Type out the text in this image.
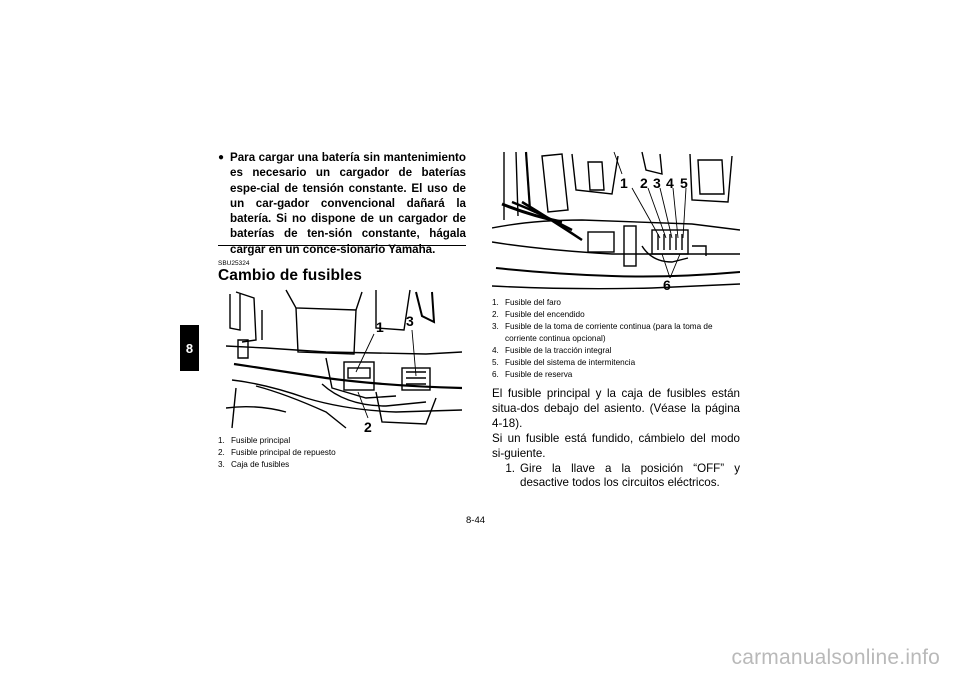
8
● Para cargar una batería sin mantenimiento es necesario un cargador de baterías espe-cial de tensión constante. El uso de un car-gador convencional dañará la batería. Si no dispone de un cargador de baterías de ten-sión constante, hágala cargar en un conce-sionario Yamaha.
SBU25324
Cambio de fusibles
1 3
2
1. Fusible principal
2. Fusible principal de repuesto
3. Caja de fusibles
1 2 3 4 5
6
1. Fusible del faro
2. Fusible del encendido
3. Fusible de la toma de corriente continua (para la toma de corriente continua opcional)
4. Fusible de la tracción integral
5. Fusible del sistema de intermitencia
6. Fusible de reserva
El fusible principal y la caja de fusibles están situa-dos debajo del asiento. (Véase la página 4-18).
Si un fusible está fundido, cámbielo del modo si-guiente.
1. Gire la llave a la posición “OFF” y desactive todos los circuitos eléctricos.
8-44
carmanualsonline.info
